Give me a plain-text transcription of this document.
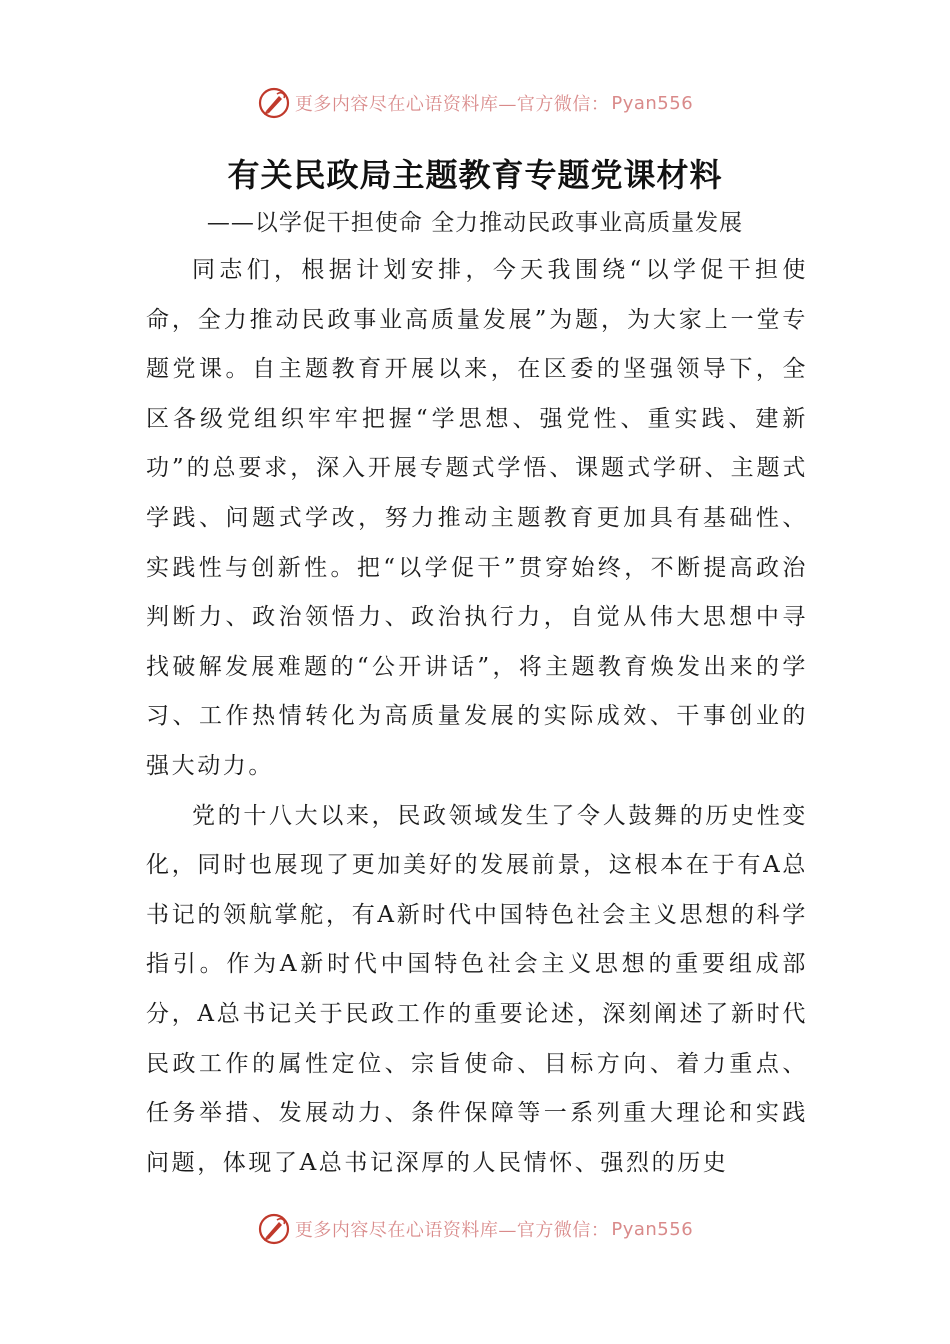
更多内容尽在心语资料库—官方微信： Pyan556
有关民政局主题教育专题党课材料
——以学促干担使命 全力推动民政事业高质量发展

同志们，根据计划安排，今天我围绕“以学促干担使命，全力推动民政事业高质量发展”为题，为大家上一堂专题党课。自主题教育开展以来，在区委的坚强领导下，全区各级党组织牢牢把握“学思想、强党性、重实践、建新功”的总要求，深入开展专题式学悟、课题式学研、主题式学践、问题式学改，努力推动主题教育更加具有基础性、实践性与创新性。把“以学促干”贯穿始终，不断提高政治判断力、政治领悟力、政治执行力，自觉从伟大思想中寻找破解发展难题的“公开讲话”，将主题教育焕发出来的学习、工作热情转化为高质量发展的实际成效、干事创业的强大动力。

党的十八大以来，民政领域发生了令人鼓舞的历史性变化，同时也展现了更加美好的发展前景，这根本在于有A总书记的领航掌舵，有A新时代中国特色社会主义思想的科学指引。作为A新时代中国特色社会主义思想的重要组成部分，A总书记关于民政工作的重要论述，深刻阐述了新时代民政工作的属性定位、宗旨使命、目标方向、着力重点、任务举措、发展动力、条件保障等一系列重大理论和实践问题，体现了A总书记深厚的人民情怀、强烈的历史

更多内容尽在心语资料库—官方微信： Pyan556
